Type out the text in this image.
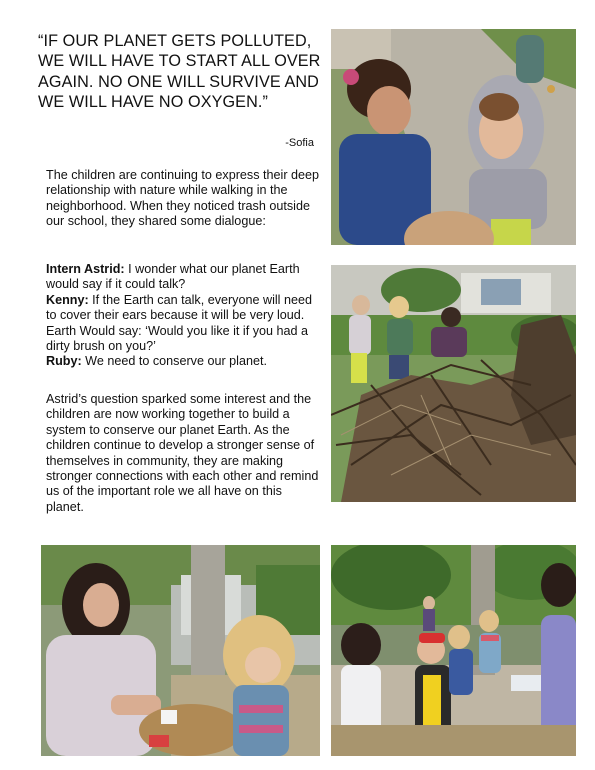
“IF OUR PLANET GETS POLLUTED, WE WILL HAVE TO START ALL OVER AGAIN. NO ONE WILL SURVIVE AND WE WILL HAVE NO OXYGEN.”
-Sofia

The children are continuing to express their deep relationship with nature while walking in the neighborhood. When they noticed trash outside our school, they shared some dialogue:

Intern Astrid: I wonder what our planet Earth would say if it could talk?
Kenny: If the Earth can talk, everyone will need to cover their ears because it will be very loud. Earth Would say: ‘Would you like it if you had a dirty brush on you?’
Ruby: We need to conserve our planet.

Astrid’s question sparked some interest and the children are now working together to build a system to conserve our planet Earth. As the children continue to develop a stronger sense of themselves in community, they are making stronger connections with each other and remind us of the important role we all have on this planet.
